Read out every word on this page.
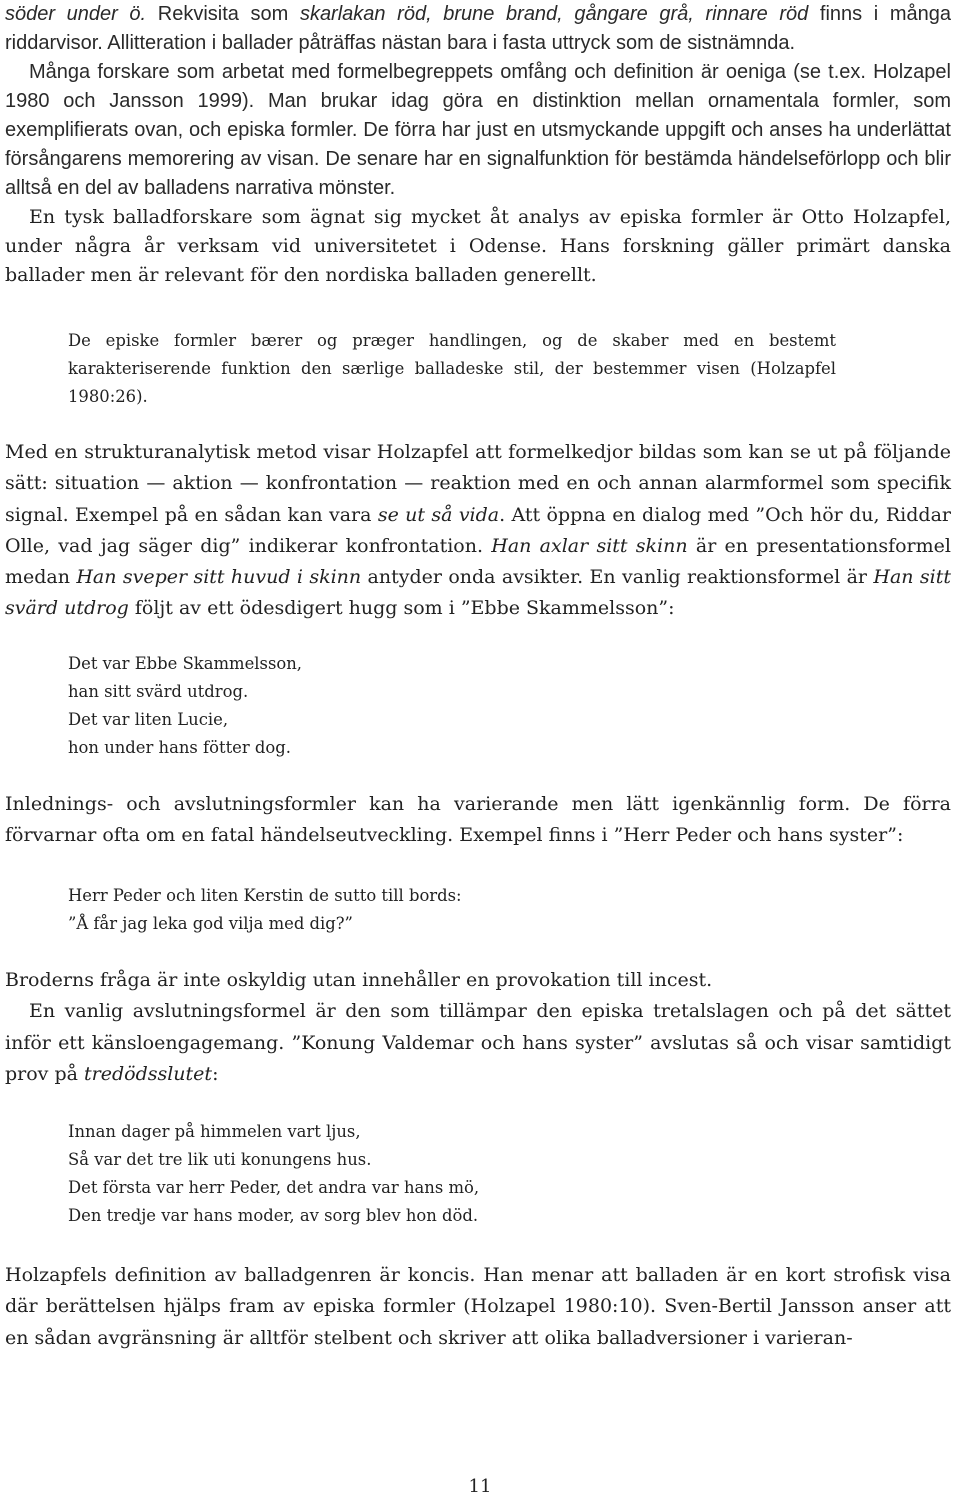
söder under ö. Rekvisita som skarlakan röd, brune brand, gångare grå, rinnare röd finns i många riddarvisor. Allitteration i ballader påträffas nästan bara i fasta uttryck som de sistnämnda.

Många forskare som arbetat med formelbegreppets omfång och definition är oeniga (se t.ex. Holzapel 1980 och Jansson 1999). Man brukar idag göra en distinktion mellan ornamentala formler, som exemplifierats ovan, och episka formler. De förra har just en utsmyckande uppgift och anses ha underlättat försångarens memorering av visan. De senare har en signalfunktion för bestämda händelseförlopp och blir alltså en del av balladens narrativa mönster.

En tysk balladforskare som ägnat sig mycket åt analys av episka formler är Otto Holzapfel, under några år verksam vid universitetet i Odense. Hans forskning gäller primärt danska ballader men är relevant för den nordiska balladen generellt.

De episke formler bærer og præger handlingen, og de skaber med en bestemt karakteriserende funktion den særlige balladeske stil, der bestemmer visen (Holzapfel 1980:26).

Med en strukturanalytisk metod visar Holzapfel att formelkedjor bildas som kan se ut på följande sätt: situation — aktion — konfrontation — reaktion med en och annan alarmformel som specifik signal. Exempel på en sådan kan vara se ut så vida. Att öppna en dialog med ”Och hör du, Riddar Olle, vad jag säger dig” indikerar konfrontation. Han axlar sitt skinn är en presentationsformel medan Han sveper sitt huvud i skinn antyder onda avsikter. En vanlig reaktionsformel är Han sitt svärd utdrog följt av ett ödesdigert hugg som i ”Ebbe Skammelsson”:

Det var Ebbe Skammelsson,
han sitt svärd utdrog.
Det var liten Lucie,
hon under hans fötter dog.

Inlednings- och avslutningsformler kan ha varierande men lätt igenkännlig form. De förra förvarnar ofta om en fatal händelseutveckling. Exempel finns i ”Herr Peder och hans syster”:

Herr Peder och liten Kerstin de sutto till bords:
”Å får jag leka god vilja med dig?”

Broderns fråga är inte oskyldig utan innehåller en provokation till incest.

En vanlig avslutningsformel är den som tillämpar den episka tretalslagen och på det sättet inför ett känsloengagemang. ”Konung Valdemar och hans syster” avslutas så och visar samtidigt prov på tredödsslutet:

Innan dager på himmelen vart ljus,
Så var det tre lik uti konungens hus.
Det första var herr Peder, det andra var hans mö,
Den tredje var hans moder, av sorg blev hon död.

Holzapfels definition av balladgenren är koncis. Han menar att balladen är en kort strofisk visa där berättelsen hjälps fram av episka formler (Holzapel 1980:10). Sven-Bertil Jansson anser att en sådan avgränsning är alltför stelbent och skriver att olika balladversioner i varieran-

11
